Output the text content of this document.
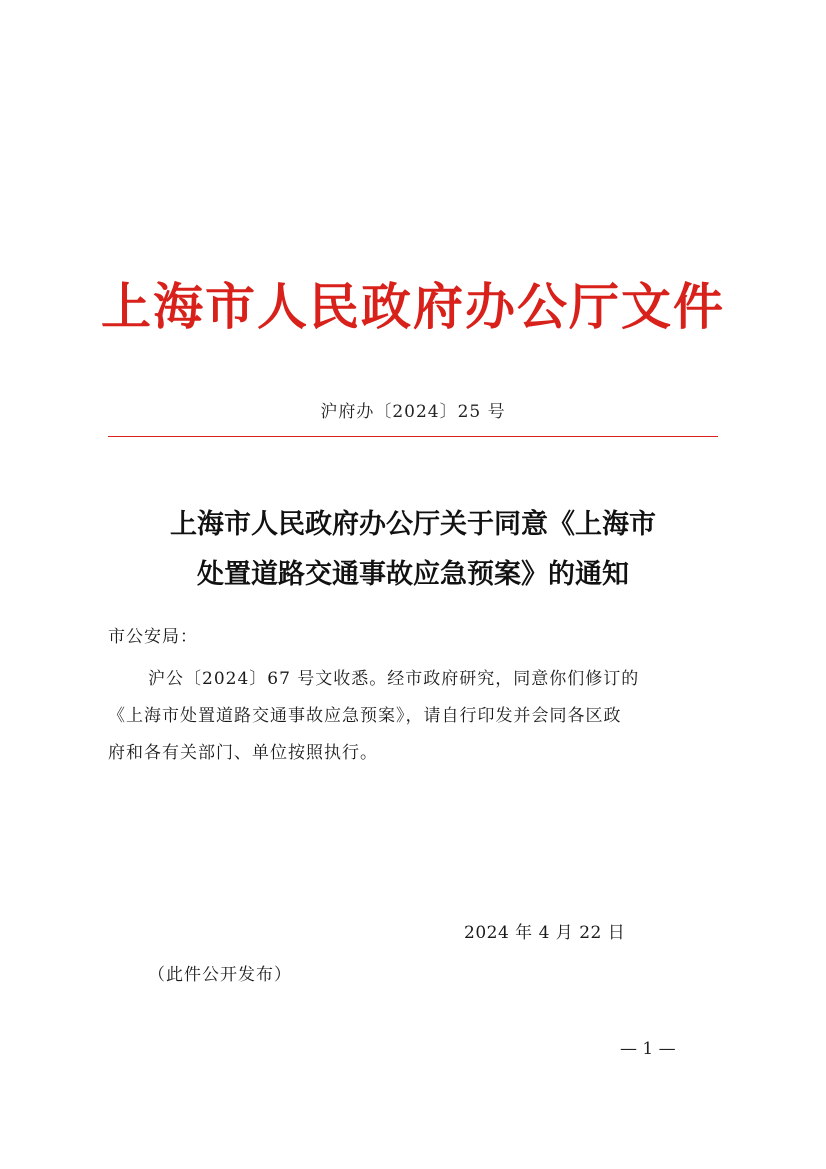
上海市人民政府办公厅文件
沪府办〔2024〕25 号
上海市人民政府办公厅关于同意《上海市
处置道路交通事故应急预案》的通知
市公安局：

沪公〔2024〕67 号文收悉。经市政府研究，同意你们修订的

《上海市处置道路交通事故应急预案》，请自行印发并会同各区政

府和各有关部门、单位按照执行。

2024 年 4 月 22 日
（此件公开发布）
— 1 —
